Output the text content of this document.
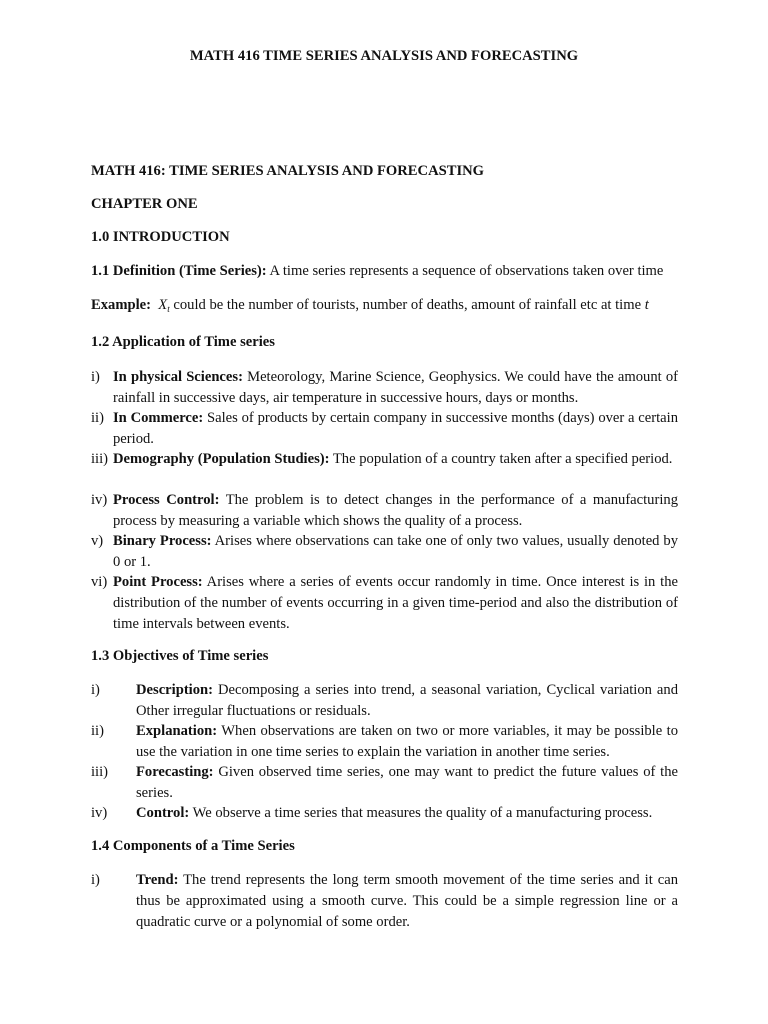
MATH 416 TIME SERIES ANALYSIS AND FORECASTING
MATH 416: TIME SERIES ANALYSIS AND FORECASTING
CHAPTER ONE
1.0 INTRODUCTION
1.1 Definition (Time Series): A time series represents a sequence of observations taken over time
Example: $X_t$ could be the number of tourists, number of deaths, amount of rainfall etc at time t
1.2 Application of Time series
i) In physical Sciences: Meteorology, Marine Science, Geophysics. We could have the amount of rainfall in successive days, air temperature in successive hours, days or months.
ii) In Commerce: Sales of products by certain company in successive months (days) over a certain period.
iii) Demography (Population Studies): The population of a country taken after a specified period.
iv) Process Control: The problem is to detect changes in the performance of a manufacturing process by measuring a variable which shows the quality of a process.
v) Binary Process: Arises where observations can take one of only two values, usually denoted by 0 or 1.
vi) Point Process: Arises where a series of events occur randomly in time. Once interest is in the distribution of the number of events occurring in a given time-period and also the distribution of time intervals between events.
1.3 Objectives of Time series
i) Description: Decomposing a series into trend, a seasonal variation, Cyclical variation and Other irregular fluctuations or residuals.
ii) Explanation: When observations are taken on two or more variables, it may be possible to use the variation in one time series to explain the variation in another time series.
iii) Forecasting: Given observed time series, one may want to predict the future values of the series.
iv) Control: We observe a time series that measures the quality of a manufacturing process.
1.4 Components of a Time Series
i) Trend: The trend represents the long term smooth movement of the time series and it can thus be approximated using a smooth curve. This could be a simple regression line or a quadratic curve or a polynomial of some order.
